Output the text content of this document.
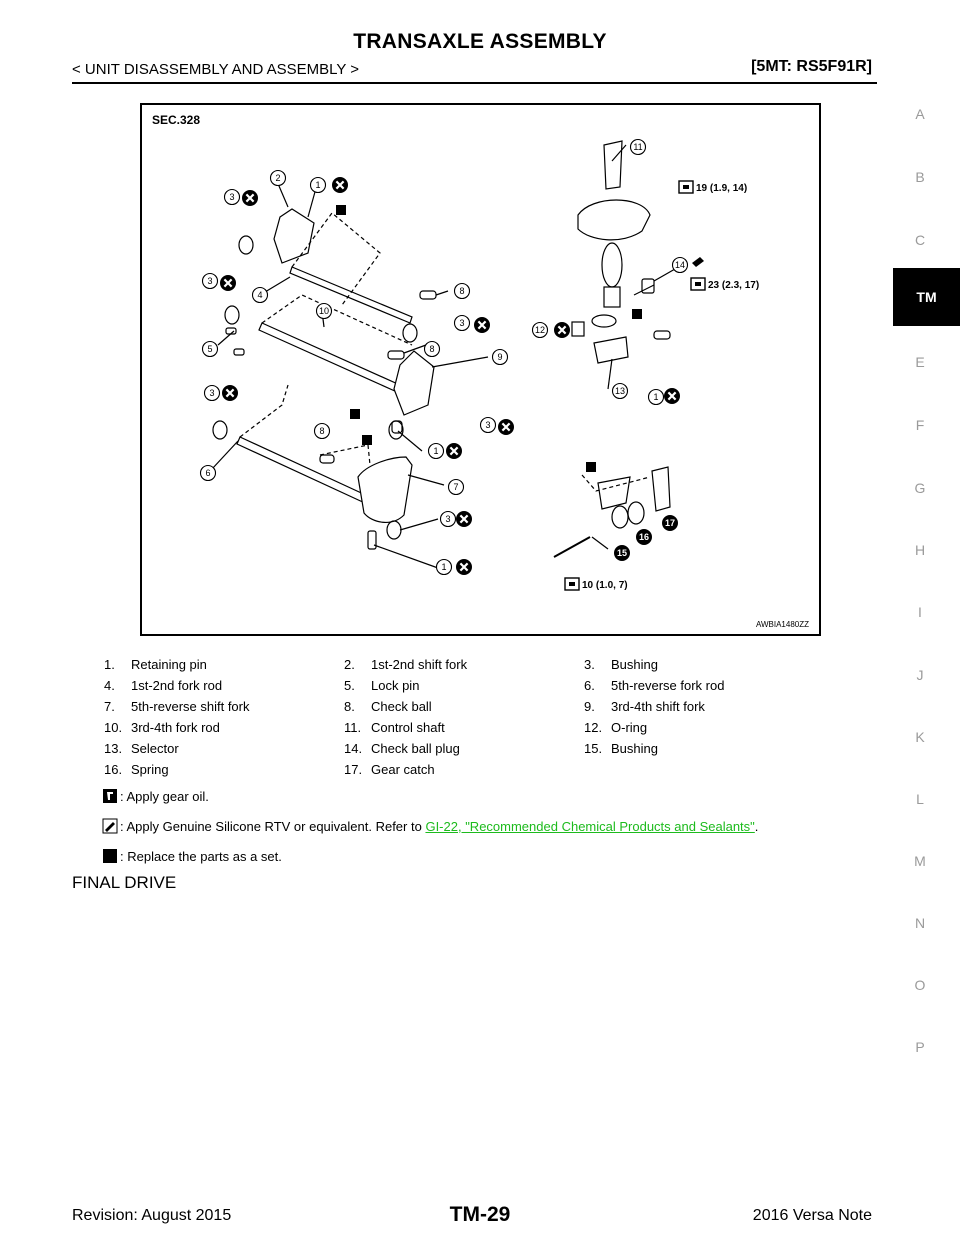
TRANSAXLE ASSEMBLY
< UNIT DISASSEMBLY AND ASSEMBLY >	[5MT: RS5F91R]
A
B
C
TM
E
F
G
H
I
J
K
L
M
N
O
P
SEC.328
3
2
1
3
4	8
3
10
5	8
9
3
6
8
1
3
7
3
1
11
14
12
13
1
15
16
17
19 (1.9, 14)
23 (2.3, 17)
10 (1.0, 7)
AWBIA1480ZZ
1.	Retaining pin	2.	1st-2nd shift fork	3.	Bushing
4.	1st-2nd fork rod	5.	Lock pin	6.	5th-reverse fork rod
7.	5th-reverse shift fork	8.	Check ball	9.	3rd-4th shift fork
10. 3rd-4th fork rod	11. Control shaft	12. O-ring
13. Selector	14. Check ball plug	15. Bushing
16. Spring	17. Gear catch
: Apply gear oil.
: Apply Genuine Silicone RTV or equivalent. Refer to
GI-22, "Recommended Chemical Products and Sealants" .
: Replace the parts as a set.
FINAL DRIVE
Revision: August 2015	TM-29	2016 Versa Note
